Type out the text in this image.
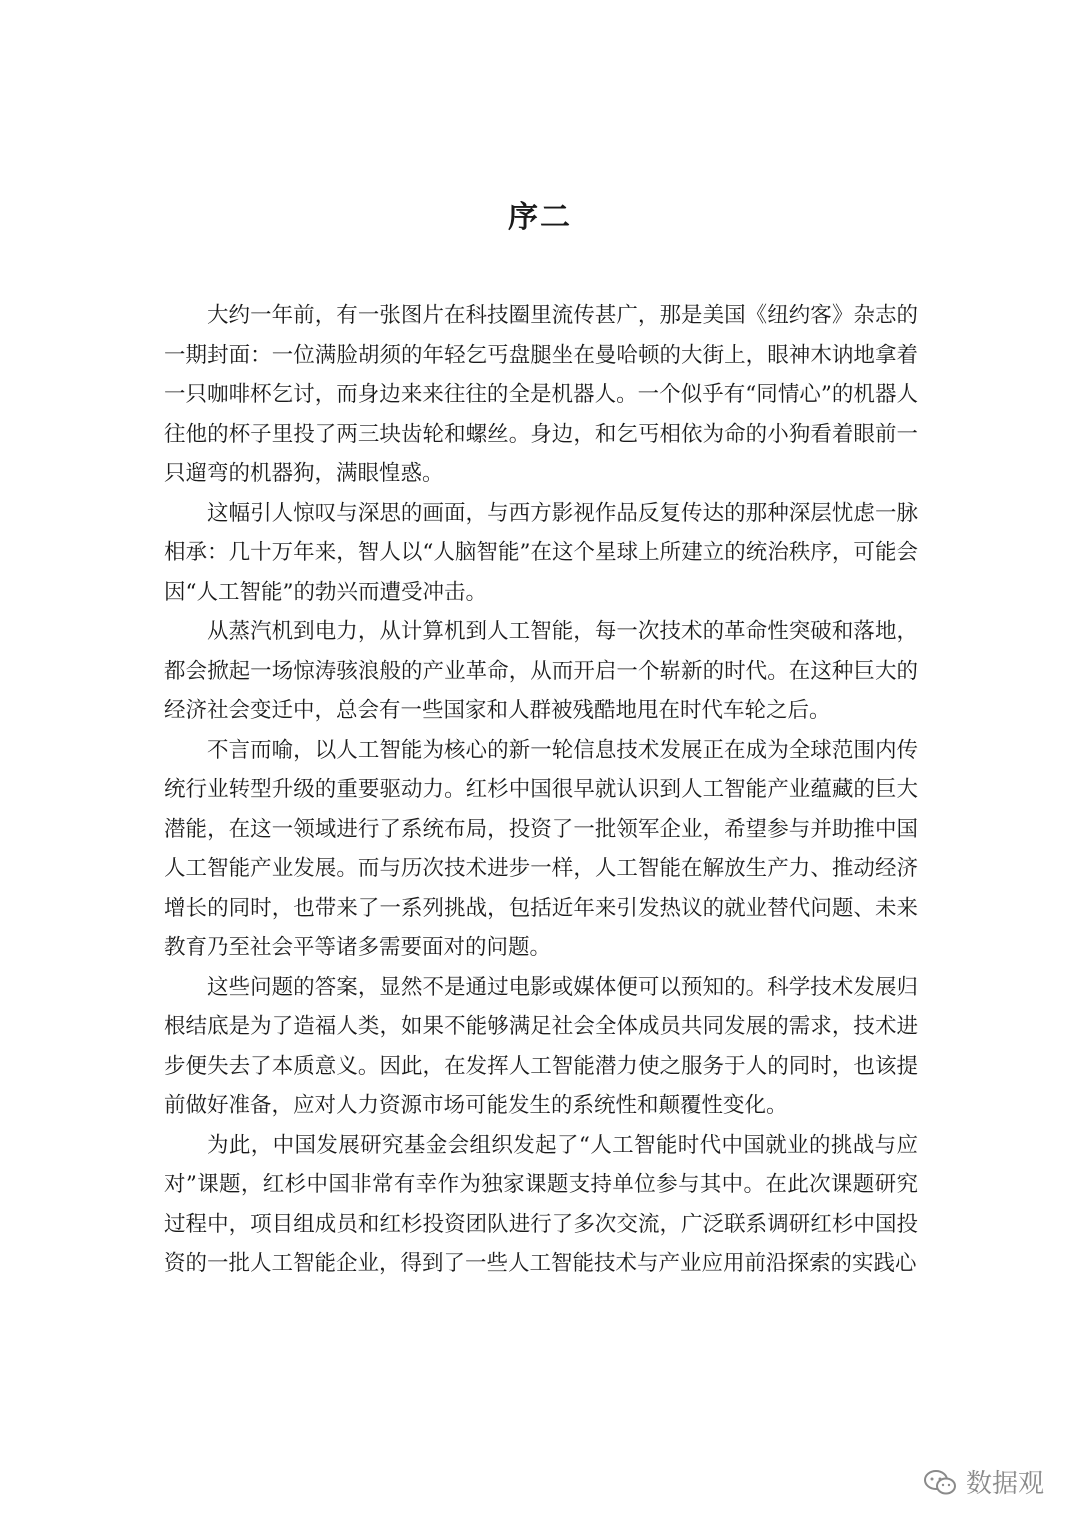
序二
大约一年前，有一张图片在科技圈里流传甚广，那是美国《纽约客》杂志的
一期封面：一位满脸胡须的年轻乞丐盘腿坐在曼哈顿的大街上，眼神木讷地拿着
一只咖啡杯乞讨，而身边来来往往的全是机器人。一个似乎有“同情心”的机器人
往他的杯子里投了两三块齿轮和螺丝。身边，和乞丐相依为命的小狗看着眼前一
只遛弯的机器狗，满眼惶惑。
这幅引人惊叹与深思的画面，与西方影视作品反复传达的那种深层忧虑一脉
相承：几十万年来，智人以“人脑智能”在这个星球上所建立的统治秩序，可能会
因“人工智能”的勃兴而遭受冲击。
从蒸汽机到电力，从计算机到人工智能，每一次技术的革命性突破和落地，
都会掀起一场惊涛骇浪般的产业革命，从而开启一个崭新的时代。在这种巨大的
经济社会变迁中，总会有一些国家和人群被残酷地甩在时代车轮之后。
不言而喻，以人工智能为核心的新一轮信息技术发展正在成为全球范围内传
统行业转型升级的重要驱动力。红杉中国很早就认识到人工智能产业蕴藏的巨大
潜能，在这一领域进行了系统布局，投资了一批领军企业，希望参与并助推中国
人工智能产业发展。而与历次技术进步一样，人工智能在解放生产力、推动经济
增长的同时，也带来了一系列挑战，包括近年来引发热议的就业替代问题、未来
教育乃至社会平等诸多需要面对的问题。
这些问题的答案，显然不是通过电影或媒体便可以预知的。科学技术发展归
根结底是为了造福人类，如果不能够满足社会全体成员共同发展的需求，技术进
步便失去了本质意义。因此，在发挥人工智能潜力使之服务于人的同时，也该提
前做好准备，应对人力资源市场可能发生的系统性和颠覆性变化。
为此，中国发展研究基金会组织发起了“人工智能时代中国就业的挑战与应
对”课题，红杉中国非常有幸作为独家课题支持单位参与其中。在此次课题研究
过程中，项目组成员和红杉投资团队进行了多次交流，广泛联系调研红杉中国投
资的一批人工智能企业，得到了一些人工智能技术与产业应用前沿探索的实践心
数据观
